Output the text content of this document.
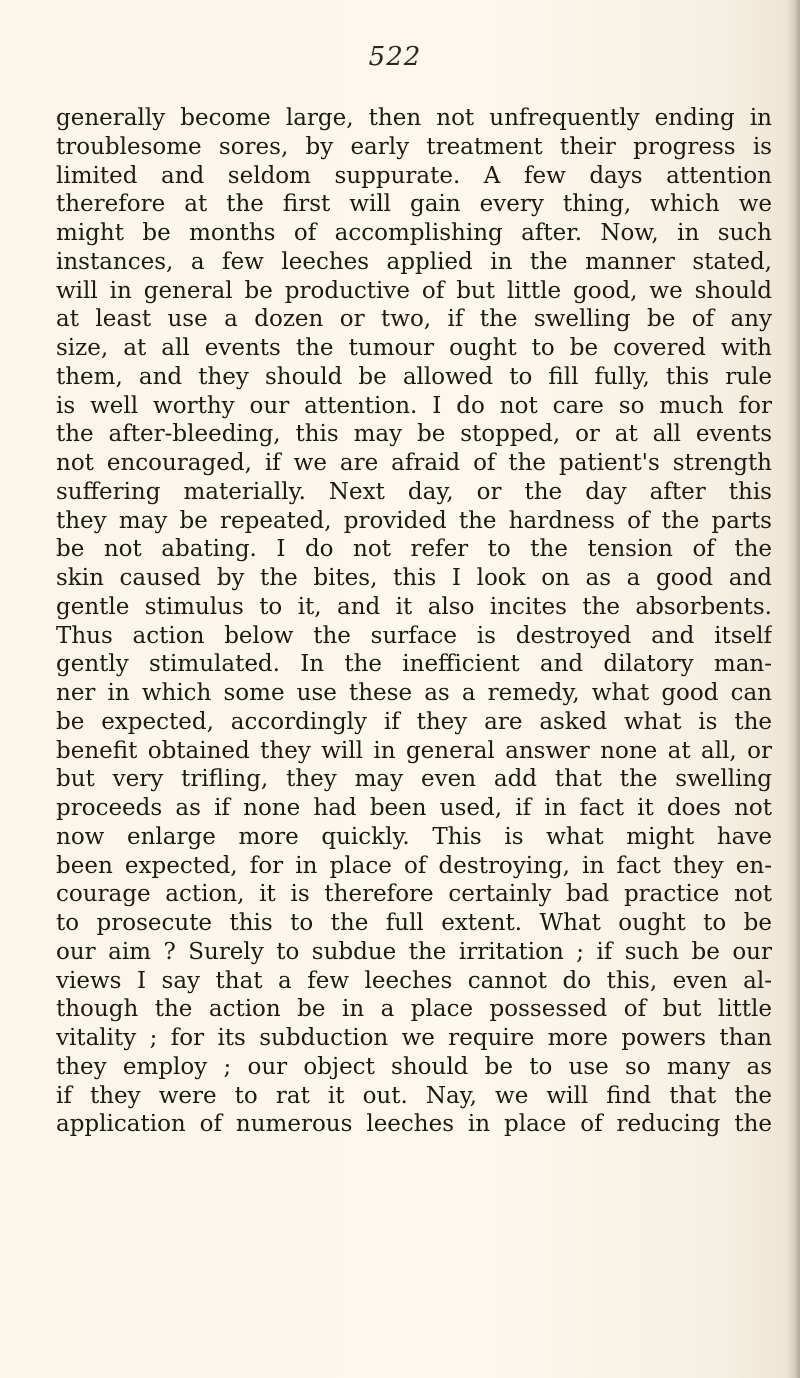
522
generally become large, then not unfrequently ending in
troublesome sores, by early treatment their progress is
limited and seldom suppurate. A few days attention
therefore at the first will gain every thing, which we
might be months of accomplishing after. Now, in such
instances, a few leeches applied in the manner stated,
will in general be productive of but little good, we should
at least use a dozen or two, if the swelling be of any
size, at all events the tumour ought to be covered with
them, and they should be allowed to fill fully, this rule
is well worthy our attention. I do not care so much for
the after-bleeding, this may be stopped, or at all events
not encouraged, if we are afraid of the patient's strength
suffering materially. Next day, or the day after this
they may be repeated, provided the hardness of the parts
be not abating. I do not refer to the tension of the
skin caused by the bites, this I look on as a good and
gentle stimulus to it, and it also incites the absorbents.
Thus action below the surface is destroyed and itself
gently stimulated. In the inefficient and dilatory man-
ner in which some use these as a remedy, what good can
be expected, accordingly if they are asked what is the
benefit obtained they will in general answer none at all, or
but very trifling, they may even add that the swelling
proceeds as if none had been used, if in fact it does not
now enlarge more quickly. This is what might have
been expected, for in place of destroying, in fact they en-
courage action, it is therefore certainly bad practice not
to prosecute this to the full extent. What ought to be
our aim ? Surely to subdue the irritation ; if such be our
views I say that a few leeches cannot do this, even al-
though the action be in a place possessed of but little
vitality ; for its subduction we require more powers than
they employ ; our object should be to use so many as
if they were to rat it out. Nay, we will find that the
application of numerous leeches in place of reducing the
